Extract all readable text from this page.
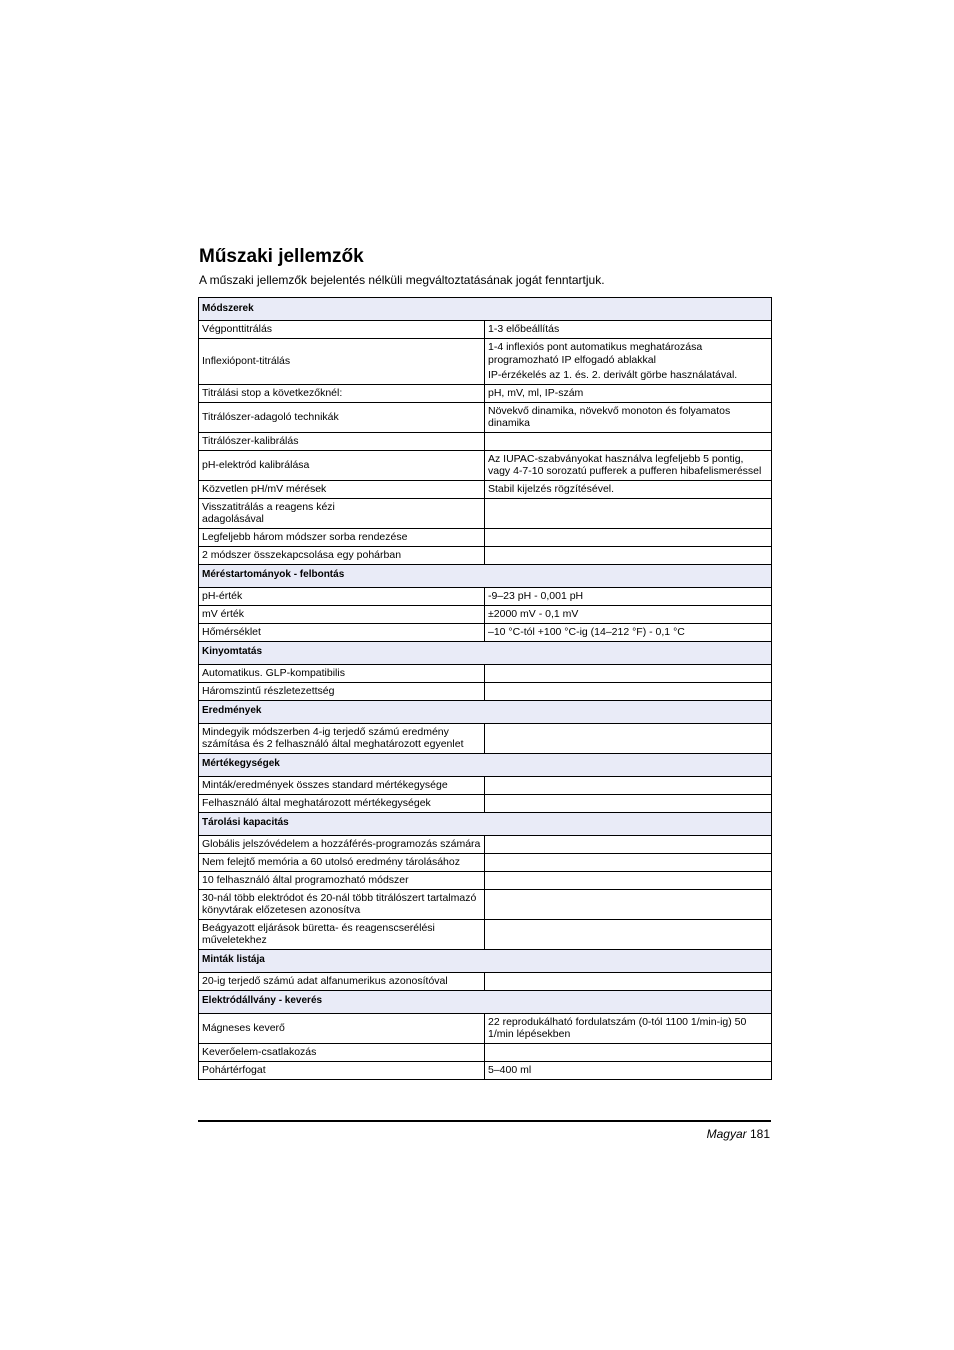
Műszaki jellemzők

A műszaki jellemzők bejelentés nélküli megváltoztatásának jogát fenntartjuk.

Módszerek	
Végponttitrálás	1-3 előbeállítás

Inflexiópont-titrálás	1-4 inflexiós pont automatikus meghatározása programozható IP elfogadó ablakkal

IP-érzékelés az 1. és. 2. derivált görbe használatával.

Titrálási stop a következőknél:	pH, mV, ml, IP-szám

Titrálószer-adagoló technikák	Növekvő dinamika, növekvő monoton és folyamatos dinamika

Titrálószer-kalibrálás	
pH-elektród kalibrálása	Az IUPAC-szabványokat használva legfeljebb 5 pontig, vagy 4-7-10 sorozatú pufferek a pufferen hibafelismeréssel

Közvetlen pH/mV mérések	Stabil kijelzés rögzítésével.

Visszatitrálás a reagens kézi
adagolásával	
Legfeljebb három módszer sorba rendezése	
2 módszer összekapcsolása egy pohárban	
Méréstartományok - felbontás	
pH-érték	-9–23 pH - 0,001 pH

mV érték	±2000 mV - 0,1 mV

Hőmérséklet	–10 °C-tól +100 °C-ig (14–212 °F) - 0,1 °C

Kinyomtatás	
Automatikus. GLP-kompatibilis	
Háromszintű részletezettség	
Eredmények	
Mindegyik módszerben 4-ig terjedő számú eredmény számítása és 2 felhasználó által meghatározott egyenlet	
Mértékegységek	
Minták/eredmények összes standard mértékegysége	
Felhasználó által meghatározott mértékegységek	
Tárolási kapacitás	
Globális jelszóvédelem a hozzáférés-programozás számára	
Nem felejtő memória a 60 utolsó eredmény tárolásához	
10 felhasználó által programozható módszer	
30-nál több elektródot és 20-nál több titrálószert tartalmazó könyvtárak előzetesen azonosítva	
Beágyazott eljárások büretta- és reagenscserélési műveletekhez	
Minták listája	
20-ig terjedő számú adat alfanumerikus azonosítóval	
Elektródállvány - keverés	
Mágneses keverő	22 reprodukálható fordulatszám (0-tól 1100 1/min-ig) 50 1/min lépésekben

Keverőelem-csatlakozás	
Pohártérfogat	5–400 ml

Magyar 181
